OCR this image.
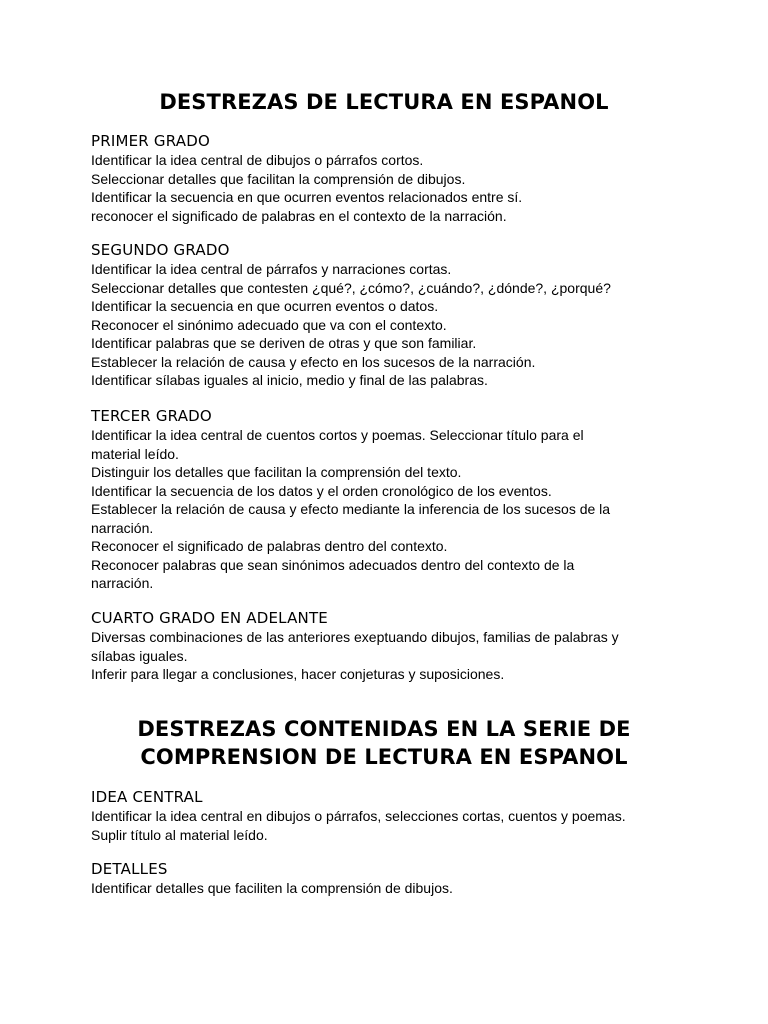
DESTREZAS DE LECTURA EN ESPANOL

PRIMER GRADO

Identificar la idea central de dibujos o párrafos cortos.

Seleccionar detalles que facilitan la comprensión de dibujos.

Identificar la secuencia en que ocurren eventos relacionados entre sí.

reconocer el significado de palabras en el contexto de la narración.

SEGUNDO GRADO

Identificar la idea central de párrafos y narraciones cortas.

Seleccionar detalles que contesten ¿qué?, ¿cómo?, ¿cuándo?, ¿dónde?, ¿porqué?

Identificar la secuencia en que ocurren eventos o datos.

Reconocer el sinónimo adecuado que va con el contexto.

Identificar palabras que se deriven de otras y que son familiar.

Establecer la relación de causa y efecto en los sucesos de la narración.

Identificar sílabas iguales al inicio, medio y final de las palabras.

TERCER GRADO

Identificar la idea central de cuentos cortos y poemas. Seleccionar título para el

material leído.

Distinguir los detalles que facilitan la comprensión del texto.

Identificar la secuencia de los datos y el orden cronológico de los eventos.

Establecer la relación de causa y efecto mediante la inferencia de los sucesos de la

narración.

Reconocer el significado de palabras dentro del contexto.

Reconocer palabras que sean sinónimos adecuados dentro del contexto de la

narración.

CUARTO GRADO EN ADELANTE

Diversas combinaciones de las anteriores exeptuando dibujos, familias de palabras y

sílabas iguales.

Inferir para llegar a conclusiones, hacer conjeturas y suposiciones.

DESTREZAS CONTENIDAS EN LA SERIE DE
COMPRENSION DE LECTURA EN ESPANOL

IDEA CENTRAL

Identificar la idea central en dibujos o párrafos, selecciones cortas, cuentos y poemas.

Suplir título al material leído.

DETALLES

Identificar detalles que faciliten la comprensión de dibujos.
